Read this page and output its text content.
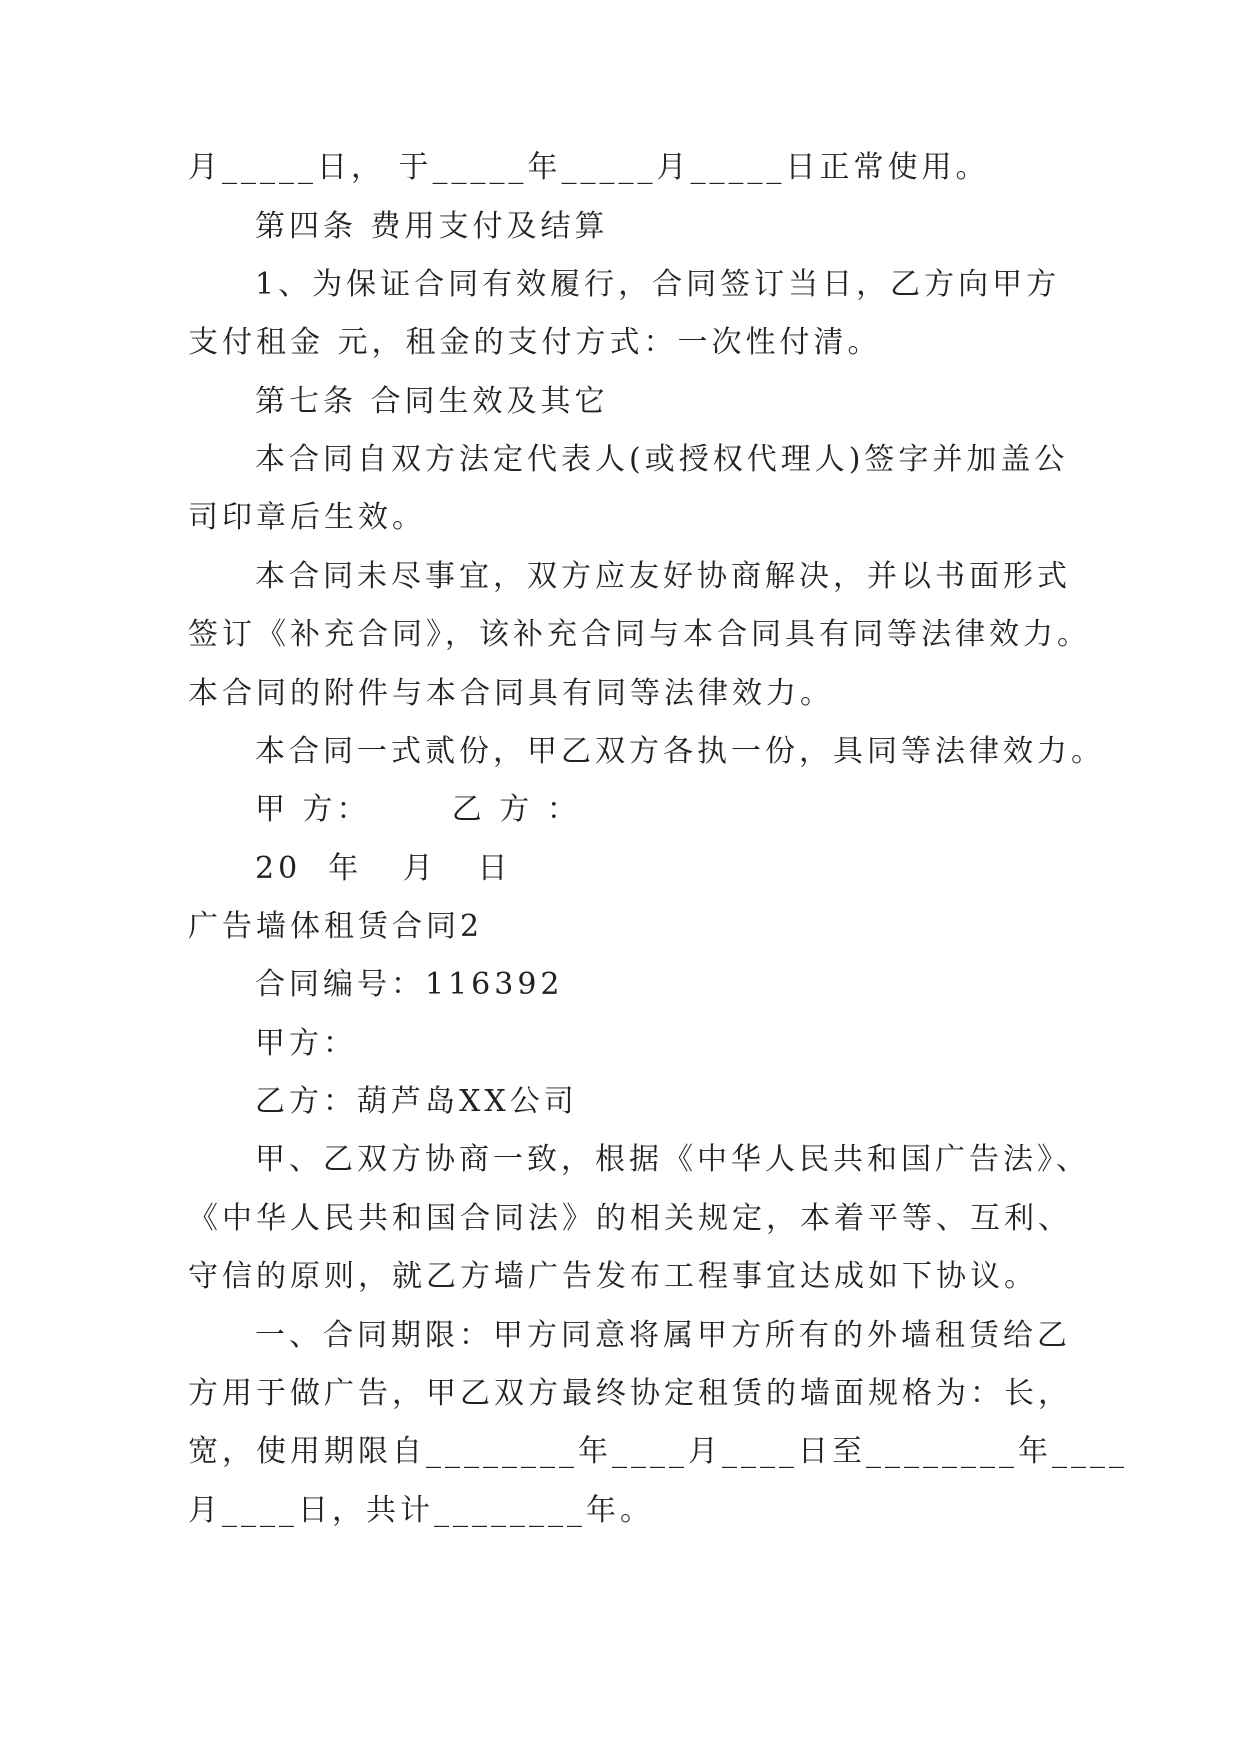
月_____日， 于_____年_____月_____日正常使用。
第四条 费用支付及结算
1、为保证合同有效履行，合同签订当日，乙方向甲方
支付租金 元，租金的支付方式：一次性付清。
第七条 合同生效及其它
本合同自双方法定代表人(或授权代理人)签字并加盖公
司印章后生效。
本合同未尽事宜，双方应友好协商解决，并以书面形式
签订《补充合同》，该补充合同与本合同具有同等法律效力。
本合同的附件与本合同具有同等法律效力。
本合同一式贰份，甲乙双方各执一份，具同等法律效力。
甲 方：      乙 方 ：
20  年   月   日
广告墙体租赁合同2
合同编号：116392
甲方：
乙方：葫芦岛XX公司
甲、乙双方协商一致，根据《中华人民共和国广告法》、
《中华人民共和国合同法》的相关规定，本着平等、互利、
守信的原则，就乙方墙广告发布工程事宜达成如下协议。
一、合同期限：甲方同意将属甲方所有的外墙租赁给乙
方用于做广告，甲乙双方最终协定租赁的墙面规格为：长，
宽，使用期限自________年____月____日至________年____
月____日，共计________年。
